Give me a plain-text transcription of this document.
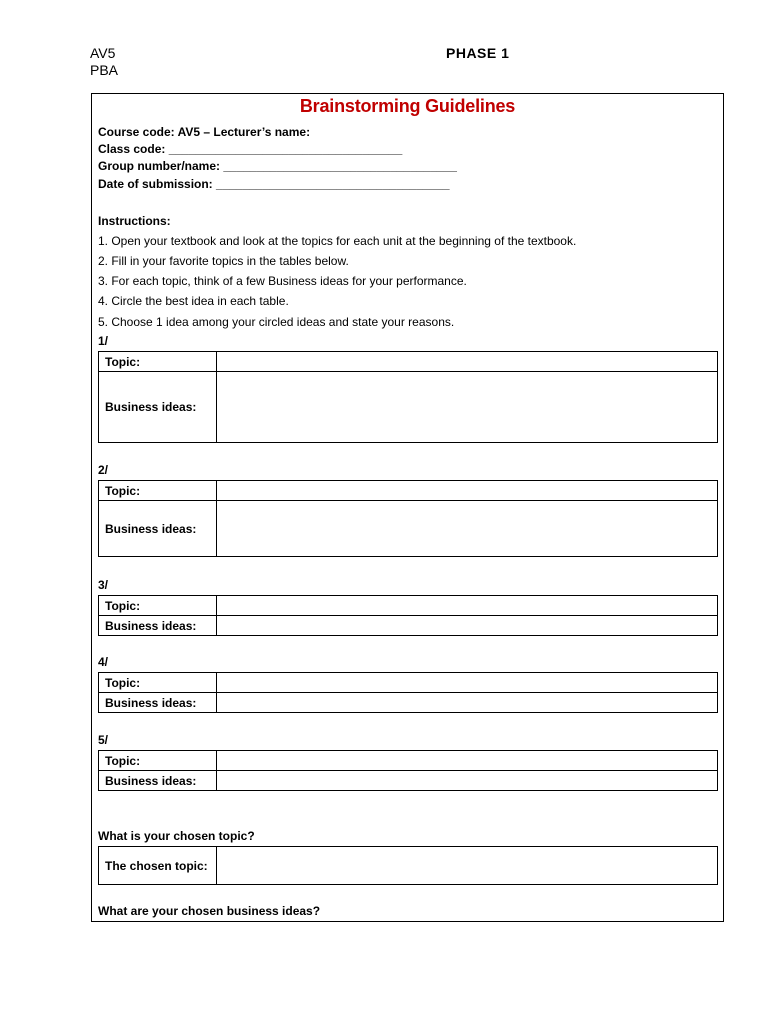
AV5
PBA
PHASE 1
Brainstorming Guidelines
Course code: AV5 – Lecturer’s name:
Class code: ___________________________________
Group number/name: ___________________________________
Date of submission: ___________________________________
Instructions:
1. Open your textbook and look at the topics for each unit at the beginning of the textbook.
2. Fill in your favorite topics in the tables below.
3. For each topic, think of a few Business ideas for your performance.
4. Circle the best idea in each table.
5. Choose 1 idea among your circled ideas and state your reasons.
1/
Topic:	
Business ideas:	
2/
Topic:	
Business ideas:	
3/
Topic:	
Business ideas:	
4/
Topic:	
Business ideas:	
5/
Topic:	
Business ideas:	
What is your chosen topic?
The chosen topic:	
What are your chosen business ideas?
